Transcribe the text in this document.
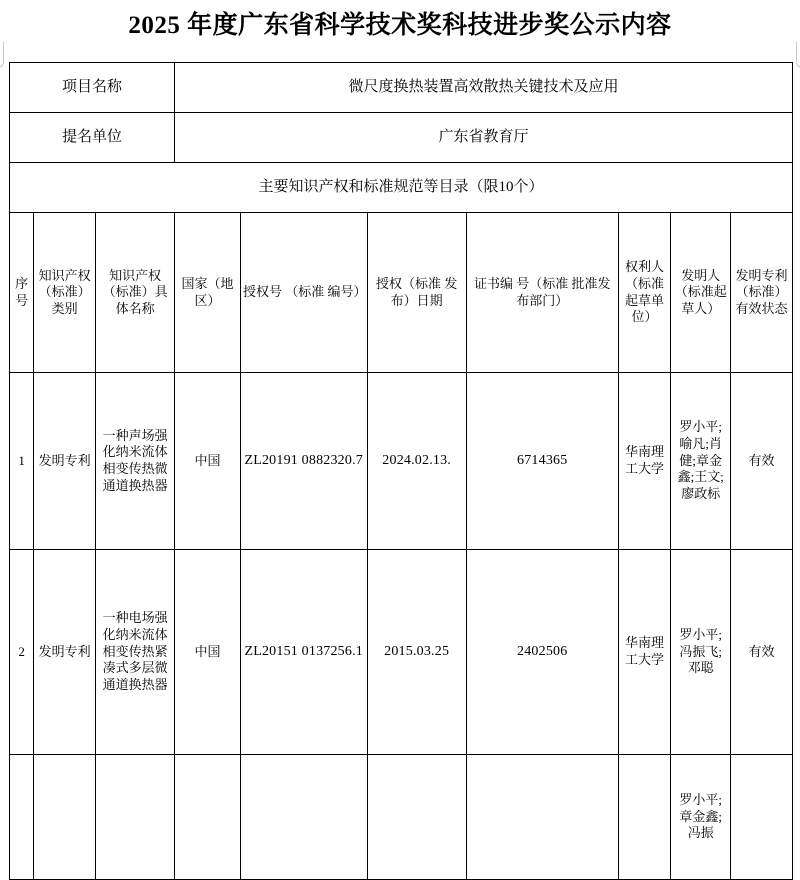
2025 年度广东省科学技术奖科技进步奖公示内容
项目名称			微尺度换热装置高效散热关键技术及应用						
提名单位			广东省教育厅						
主要知识产权和标准规范等目录（限10个）									
序号	知识产权（标准）类别	知识产权（标准）具体名称	国家（地区）	授权号 （标准 编号）	授权（标准 发布）日期	证书编 号（标准 批准发 布部门）	权利人（标准起草单位）	发明人（标准起草人）	发明专利（标准）有效状态
1	发明专利	一种声场强化纳米流体相变传热微通道换热器	中国	ZL20191 0882320.7	2024.02.13.	6714365	华南理工大学	罗小平;喻凡;肖健;章金鑫;王文;廖政标	有效
2	发明专利	一种电场强化纳米流体相变传热紧凑式多层微通道换热器	中国	ZL20151 0137256.1	2015.03.25	2402506	华南理工大学	罗小平;冯振飞;邓聪	有效
								罗小平;章金鑫;冯振	
